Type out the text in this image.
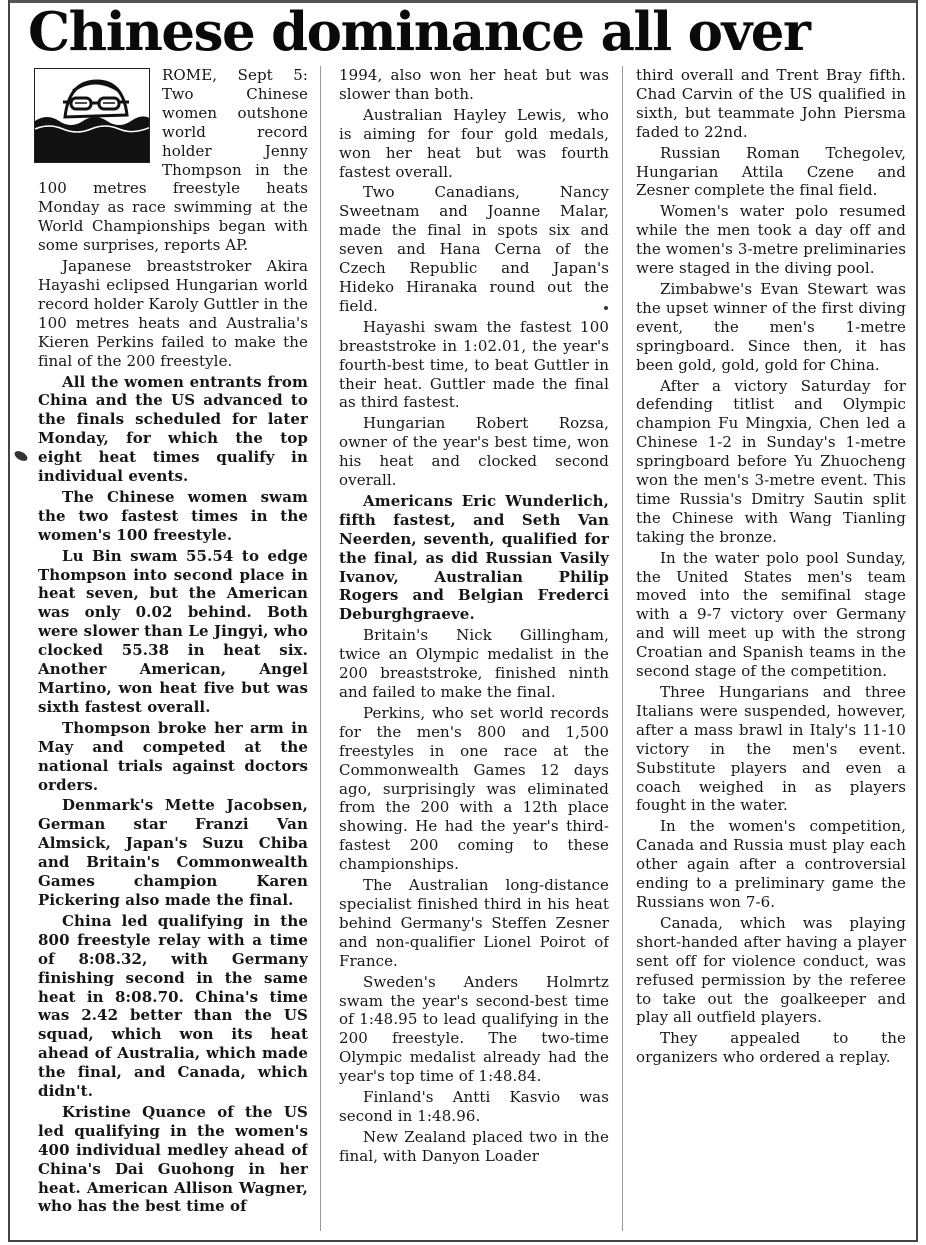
Chinese dominance all over

ROME, Sept 5: Two Chinese women outshone world record holder Jenny Thompson in the 100 metres freestyle heats Monday as race swimming at the World Championships began with some surprises, reports AP.

Japanese breaststroker Akira Hayashi eclipsed Hungarian world record holder Karoly Guttler in the 100 metres heats and Australia's Kieren Perkins failed to make the final of the 200 freestyle.

All the women entrants from China and the US advanced to the finals scheduled for later Monday, for which the top eight heat times qualify in individual events.

The Chinese women swam the two fastest times in the women's 100 freestyle.

Lu Bin swam 55.54 to edge Thompson into second place in heat seven, but the American was only 0.02 behind. Both were slower than Le Jingyi, who clocked 55.38 in heat six. Another American, Angel Martino, won heat five but was sixth fastest overall.

Thompson broke her arm in May and competed at the national trials against doctors orders.

Denmark's Mette Jacobsen, German star Franzi Van Almsick, Japan's Suzu Chiba and Britain's Commonwealth Games champion Karen Pickering also made the final.

China led qualifying in the 800 freestyle relay with a time of 8:08.32, with Germany finishing second in the same heat in 8:08.70. China's time was 2.42 better than the US squad, which won its heat ahead of Australia, which made the final, and Canada, which didn't.

Kristine Quance of the US led qualifying in the women's 400 individual medley ahead of China's Dai Guohong in her heat. American Allison Wagner, who has the best time of

1994, also won her heat but was slower than both.

Australian Hayley Lewis, who is aiming for four gold medals, won her heat but was fourth fastest overall.

Two Canadians, Nancy Sweetnam and Joanne Malar, made the final in spots six and seven and Hana Cerna of the Czech Republic and Japan's Hideko Hiranaka round out the field.

Hayashi swam the fastest 100 breaststroke in 1:02.01, the year's fourth-best time, to beat Guttler in their heat. Guttler made the final as third fastest.

Hungarian Robert Rozsa, owner of the year's best time, won his heat and clocked second overall.

Americans Eric Wunderlich, fifth fastest, and Seth Van Neerden, seventh, qualified for the final, as did Russian Vasily Ivanov, Australian Philip Rogers and Belgian Frederci Deburghgraeve.

Britain's Nick Gillingham, twice an Olympic medalist in the 200 breaststroke, finished ninth and failed to make the final.

Perkins, who set world records for the men's 800 and 1,500 freestyles in one race at the Commonwealth Games 12 days ago, surprisingly was eliminated from the 200 with a 12th place showing. He had the year's third-fastest 200 coming to these championships.

The Australian long-distance specialist finished third in his heat behind Germany's Steffen Zesner and non-qualifier Lionel Poirot of France.

Sweden's Anders Holmrtz swam the year's second-best time of 1:48.95 to lead qualifying in the 200 freestyle. The two-time Olympic medalist already had the year's top time of 1:48.84.

Finland's Antti Kasvio was second in 1:48.96.

New Zealand placed two in the final, with Danyon Loader

third overall and Trent Bray fifth. Chad Carvin of the US qualified in sixth, but teammate John Piersma faded to 22nd.

Russian Roman Tchegolev, Hungarian Attila Czene and Zesner complete the final field.

Women's water polo resumed while the men took a day off and the women's 3-metre preliminaries were staged in the diving pool.

Zimbabwe's Evan Stewart was the upset winner of the first diving event, the men's 1-metre springboard. Since then, it has been gold, gold, gold for China.

After a victory Saturday for defending titlist and Olympic champion Fu Mingxia, Chen led a Chinese 1-2 in Sunday's 1-metre springboard before Yu Zhuocheng won the men's 3-metre event. This time Russia's Dmitry Sautin split the Chinese with Wang Tianling taking the bronze.

In the water polo pool Sunday, the United States men's team moved into the semifinal stage with a 9-7 victory over Germany and will meet up with the strong Croatian and Spanish teams in the second stage of the competition.

Three Hungarians and three Italians were suspended, however, after a mass brawl in Italy's 11-10 victory in the men's event. Substitute players and even a coach weighed in as players fought in the water.

In the women's competition, Canada and Russia must play each other again after a controversial ending to a preliminary game the Russians won 7-6.

Canada, which was playing short-handed after having a player sent off for violence conduct, was refused permission by the referee to take out the goalkeeper and play all outfield players.

They appealed to the organizers who ordered a replay.
